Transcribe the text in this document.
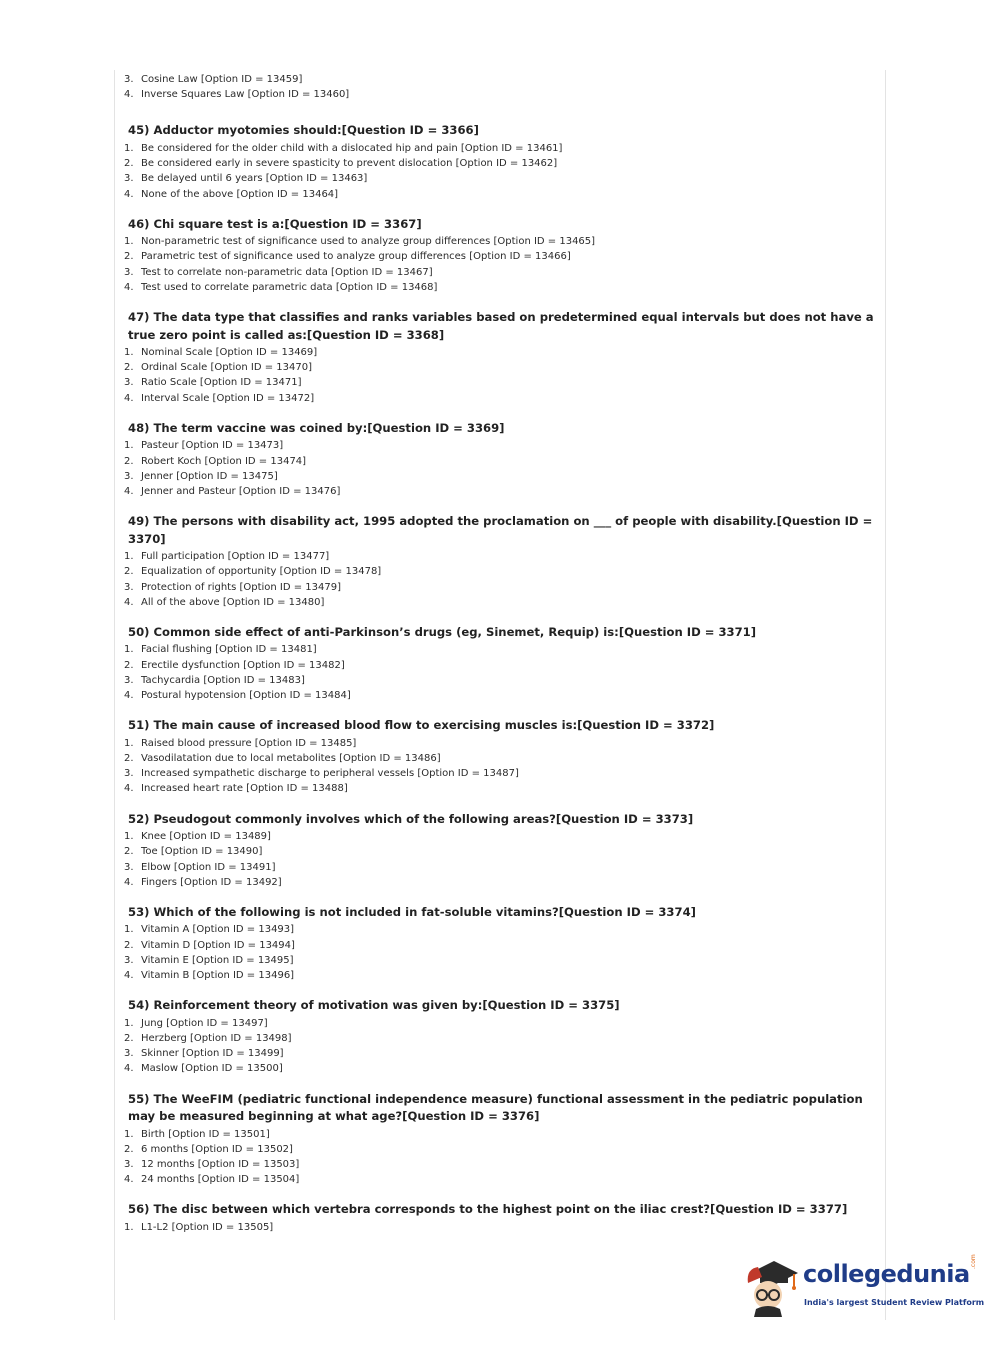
3. Cosine Law [Option ID = 13459]

4. Inverse Squares Law [Option ID = 13460]

45) Adductor myotomies should:[Question ID = 3366]

1. Be considered for the older child with a dislocated hip and pain [Option ID = 13461]

2. Be considered early in severe spasticity to prevent dislocation [Option ID = 13462]

3. Be delayed until 6 years [Option ID = 13463]

4. None of the above [Option ID = 13464]

46) Chi square test is a:[Question ID = 3367]

1. Non-parametric test of significance used to analyze group differences [Option ID = 13465]

2. Parametric test of significance used to analyze group differences [Option ID = 13466]

3. Test to correlate non-parametric data [Option ID = 13467]

4. Test used to correlate parametric data [Option ID = 13468]

47) The data type that classifies and ranks variables based on predetermined equal intervals but does not have a true zero point is called as:[Question ID = 3368]

1. Nominal Scale [Option ID = 13469]

2. Ordinal Scale [Option ID = 13470]

3. Ratio Scale [Option ID = 13471]

4. Interval Scale [Option ID = 13472]

48) The term vaccine was coined by:[Question ID = 3369]

1. Pasteur [Option ID = 13473]

2. Robert Koch [Option ID = 13474]

3. Jenner [Option ID = 13475]

4. Jenner and Pasteur [Option ID = 13476]

49) The persons with disability act, 1995 adopted the proclamation on ___ of people with disability.[Question ID = 3370]

1. Full participation [Option ID = 13477]

2. Equalization of opportunity [Option ID = 13478]

3. Protection of rights [Option ID = 13479]

4. All of the above [Option ID = 13480]

50) Common side effect of anti-Parkinson’s drugs (eg, Sinemet, Requip) is:[Question ID = 3371]

1. Facial flushing [Option ID = 13481]

2. Erectile dysfunction [Option ID = 13482]

3. Tachycardia [Option ID = 13483]

4. Postural hypotension [Option ID = 13484]

51) The main cause of increased blood flow to exercising muscles is:[Question ID = 3372]

1. Raised blood pressure [Option ID = 13485]

2. Vasodilatation due to local metabolites [Option ID = 13486]

3. Increased sympathetic discharge to peripheral vessels [Option ID = 13487]

4. Increased heart rate [Option ID = 13488]

52) Pseudogout commonly involves which of the following areas?[Question ID = 3373]

1. Knee [Option ID = 13489]

2. Toe [Option ID = 13490]

3. Elbow [Option ID = 13491]

4. Fingers [Option ID = 13492]

53) Which of the following is not included in fat-soluble vitamins?[Question ID = 3374]

1. Vitamin A [Option ID = 13493]

2. Vitamin D [Option ID = 13494]

3. Vitamin E [Option ID = 13495]

4. Vitamin B [Option ID = 13496]

54) Reinforcement theory of motivation was given by:[Question ID = 3375]

1. Jung [Option ID = 13497]

2. Herzberg [Option ID = 13498]

3. Skinner [Option ID = 13499]

4. Maslow [Option ID = 13500]

55) The WeeFIM (pediatric functional independence measure) functional assessment in the pediatric population may be measured beginning at what age?[Question ID = 3376]

1. Birth [Option ID = 13501]

2. 6 months [Option ID = 13502]

3. 12 months [Option ID = 13503]

4. 24 months [Option ID = 13504]

56) The disc between which vertebra corresponds to the highest point on the iliac crest?[Question ID = 3377]

1. L1-L2 [Option ID = 13505]

collegedunia .com
India's largest Student Review Platform
